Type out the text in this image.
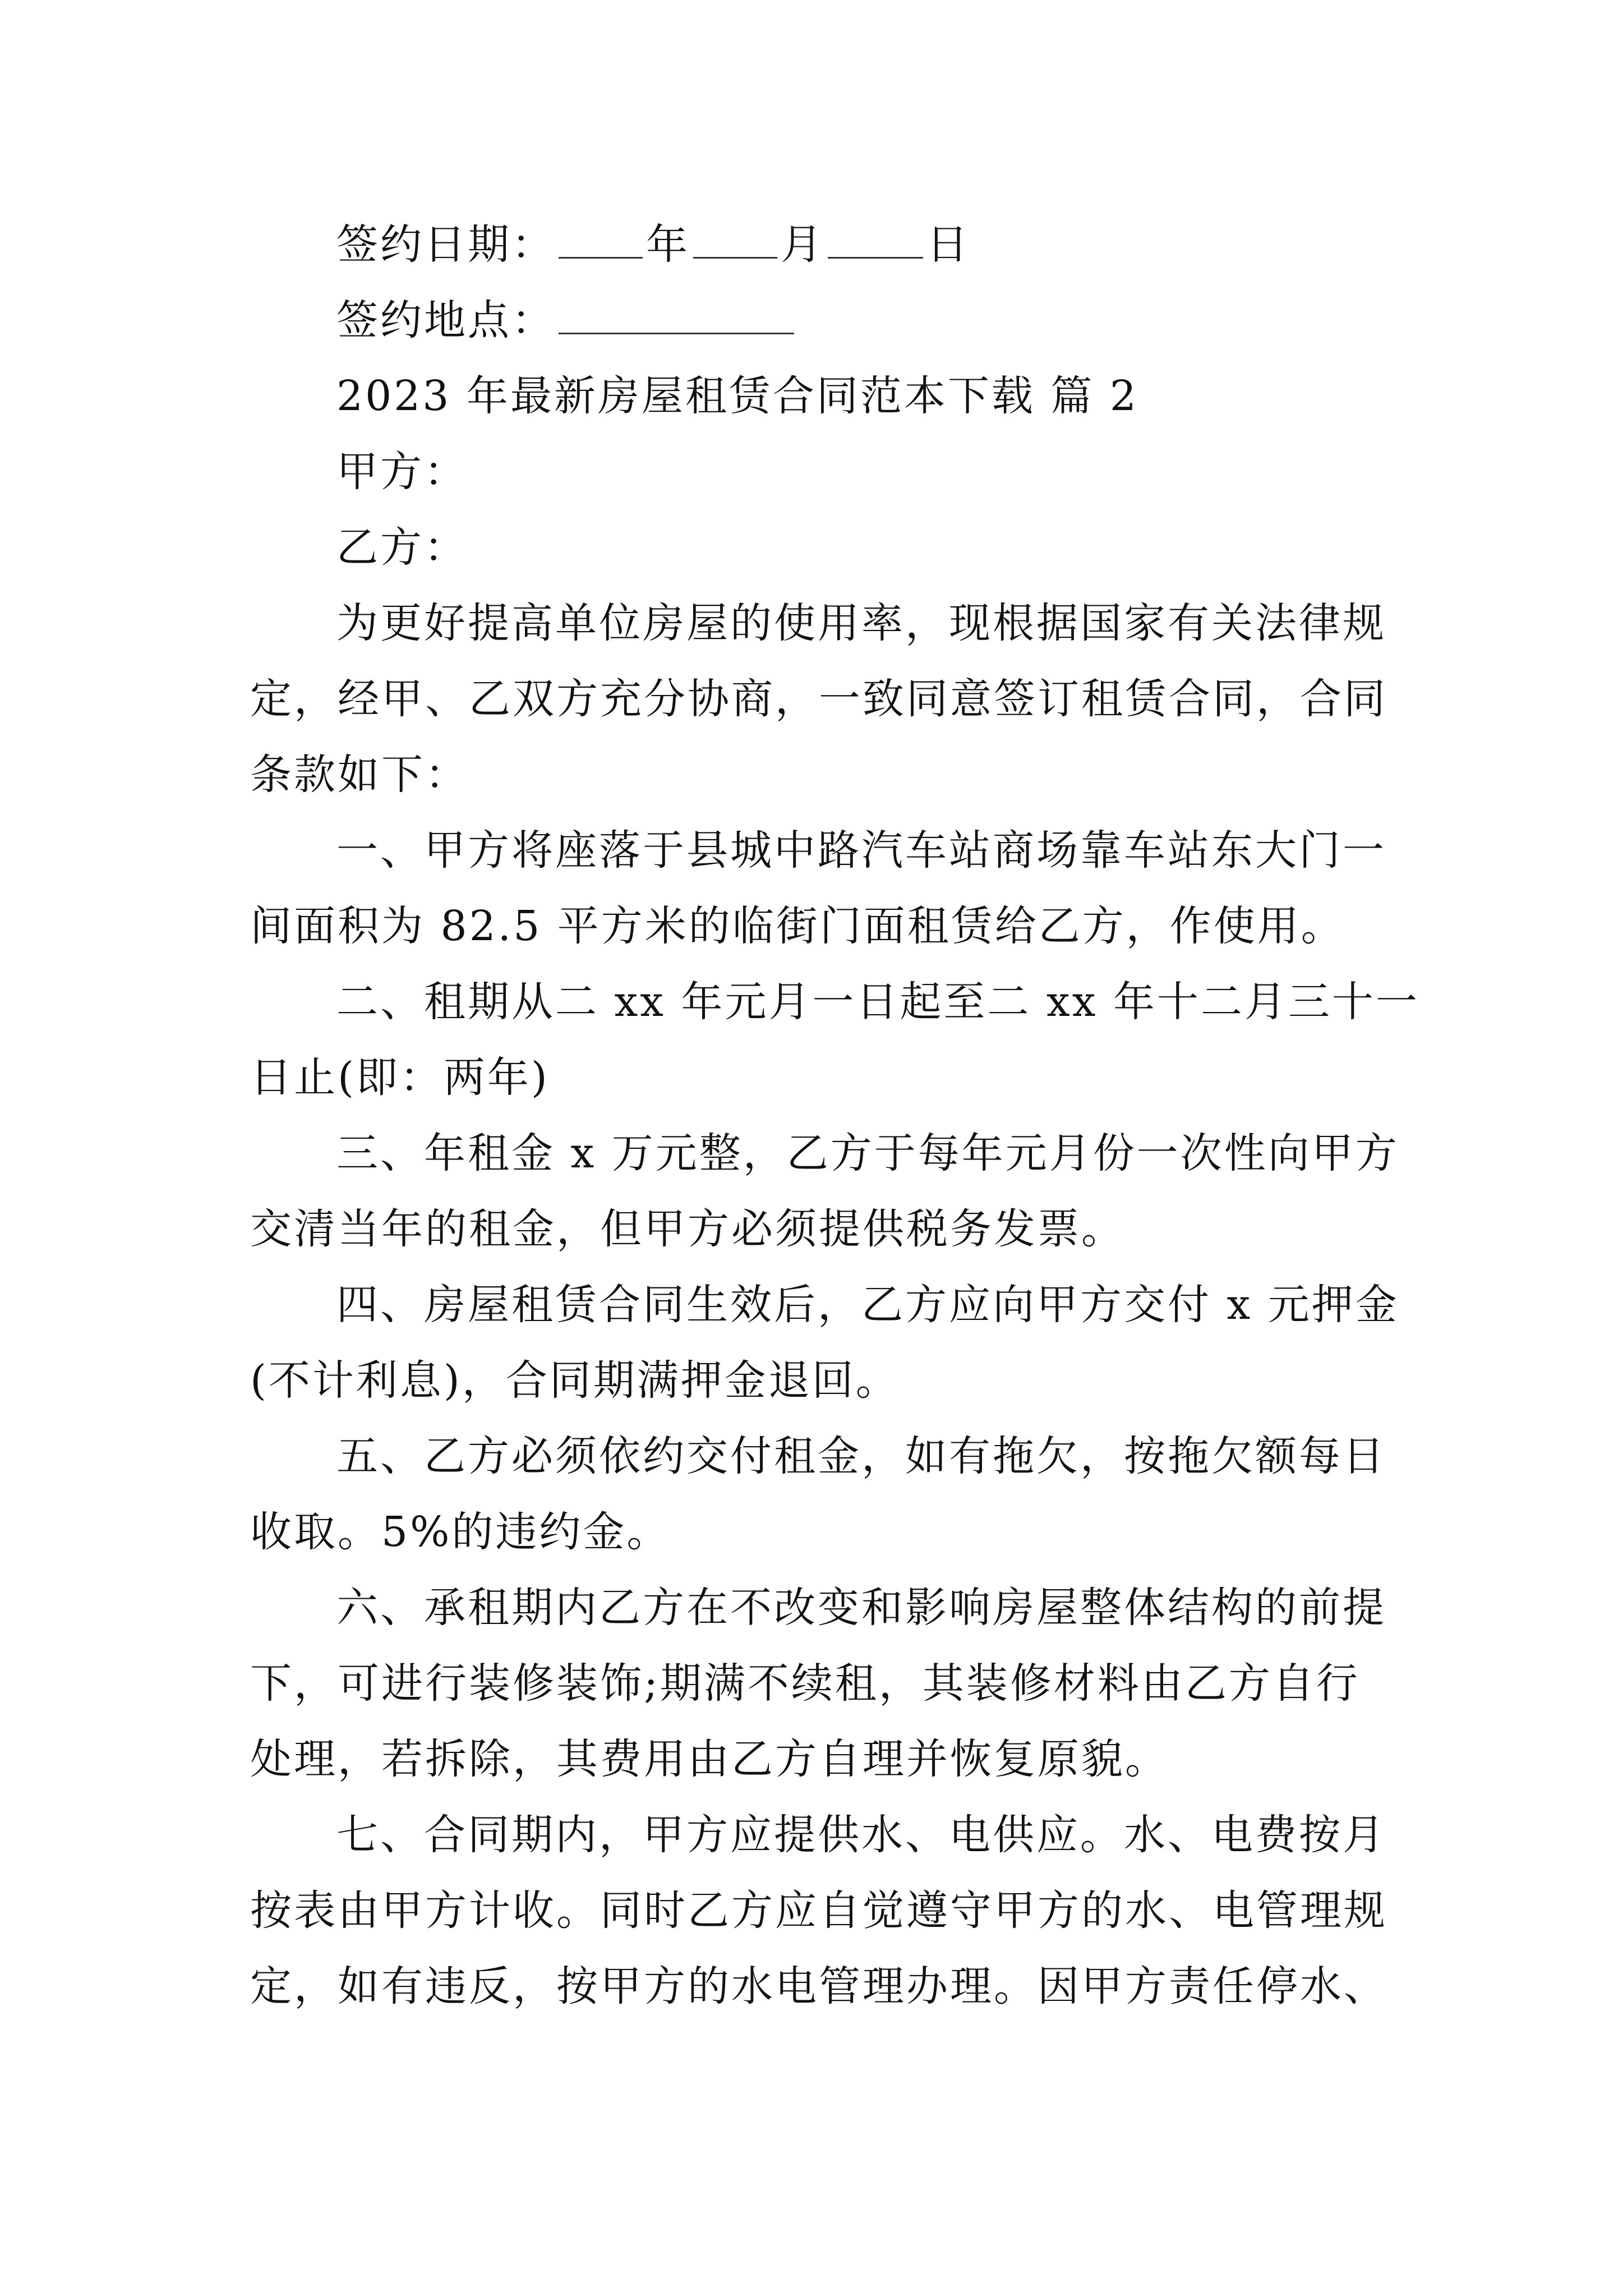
签约日期： 年 月 日

签约地点：

2023 年最新房屋租赁合同范本下载 篇 2

甲方：

乙方：

为更好提高单位房屋的使用率，现根据国家有关法律规

定，经甲、乙双方充分协商，一致同意签订租赁合同，合同

条款如下：

一、甲方将座落于县城中路汽车站商场靠车站东大门一

间面积为 82.5 平方米的临街门面租赁给乙方，作使用。

二、租期从二 xx 年元月一日起至二 xx 年十二月三十一

日止(即：两年)

三、年租金 x 万元整，乙方于每年元月份一次性向甲方

交清当年的租金，但甲方必须提供税务发票。

四、房屋租赁合同生效后，乙方应向甲方交付 x 元押金

(不计利息)，合同期满押金退回。

五、乙方必须依约交付租金，如有拖欠，按拖欠额每日

收取。5%的违约金。

六、承租期内乙方在不改变和影响房屋整体结构的前提

下，可进行装修装饰;期满不续租，其装修材料由乙方自行

处理，若拆除，其费用由乙方自理并恢复原貌。

七、合同期内，甲方应提供水、电供应。水、电费按月

按表由甲方计收。同时乙方应自觉遵守甲方的水、电管理规

定，如有违反，按甲方的水电管理办理。因甲方责任停水、
